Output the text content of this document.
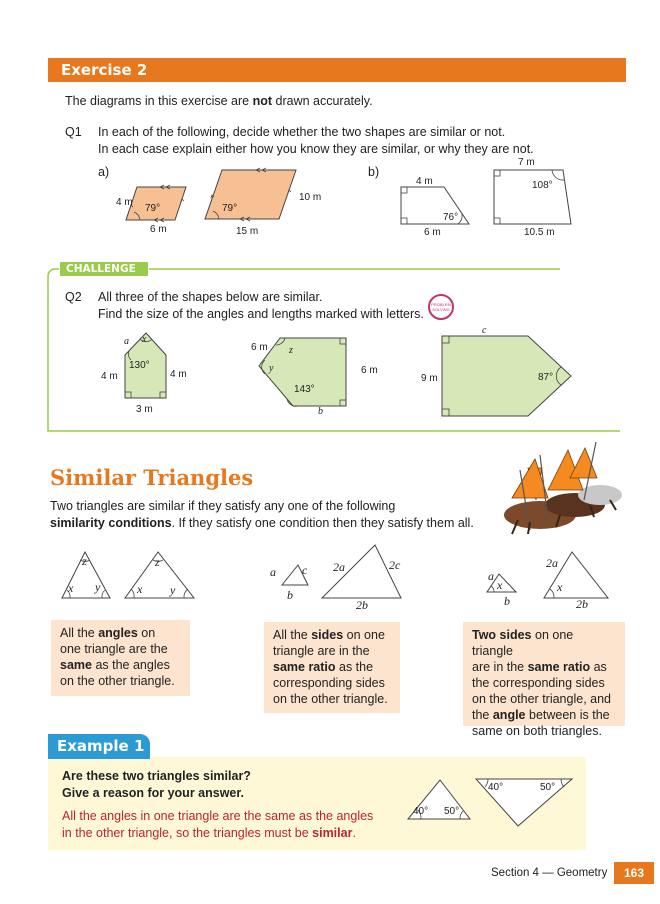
Exercise 2
The diagrams in this exercise are not drawn accurately.
Q1 In each of the following, decide whether the two shapes are similar or not.
In each case explain either how you know they are similar, or why they are not.
a)	b)
4 m
79°
6 m
79°
10 m
15 m
4 m
76°
6 m
7 m
108°
10.5 m
CHALLENGE
Q2 All three of the shapes below are similar.
Find the size of the angles and lengths marked with letters.
PROBLEM SOLVING
a x
130°
4 m	4 m
3 m
6 m z
y
143°
6 m
b
c
9 m	87°
Similar Triangles
Two triangles are similar if they satisfy any one of the following
similarity conditions. If they satisfy one condition then they satisfy them all.
z
x y
z
x y
a c
b
2a	2c
2b
a
x
b
2a
x
2b
All the angles on
one triangle are the
same as the angles
on the other triangle.
All the sides on one
triangle are in the
same ratio as the
corresponding sides
on the other triangle.
Two sides on one triangle
are in the same ratio as
the corresponding sides
on the other triangle, and
the angle between is the
same on both triangles.
Example 1
Are these two triangles similar?
Give a reason for your answer.
All the angles in one triangle are the same as the angles
in the other triangle, so the triangles must be similar.
40° 50°
40°	50°
Section 4 — Geometry 163
